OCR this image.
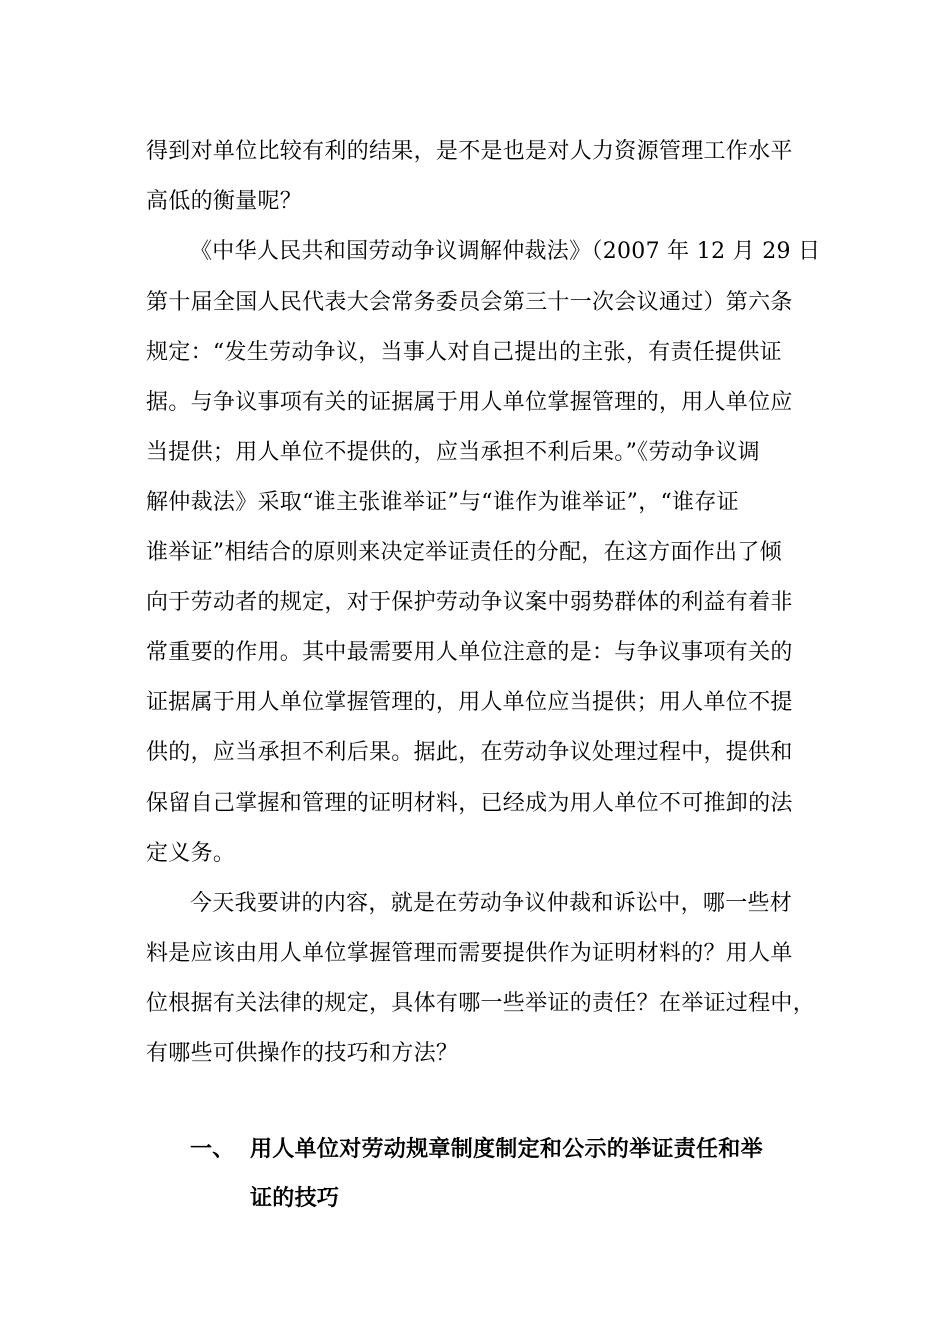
得到对单位比较有利的结果，是不是也是对人力资源管理工作水平
高低的衡量呢？
《中华人民共和国劳动争议调解仲裁法》（2007 年 12 月 29 日
第十届全国人民代表大会常务委员会第三十一次会议通过）第六条
规定：“发生劳动争议，当事人对自己提出的主张，有责任提供证
据。与争议事项有关的证据属于用人单位掌握管理的，用人单位应
当提供；用人单位不提供的，应当承担不利后果。”《劳动争议调
解仲裁法》采取“谁主张谁举证”与“谁作为谁举证”，“谁存证
谁举证”相结合的原则来决定举证责任的分配，在这方面作出了倾
向于劳动者的规定，对于保护劳动争议案中弱势群体的利益有着非
常重要的作用。其中最需要用人单位注意的是：与争议事项有关的
证据属于用人单位掌握管理的，用人单位应当提供；用人单位不提
供的，应当承担不利后果。据此，在劳动争议处理过程中，提供和
保留自己掌握和管理的证明材料，已经成为用人单位不可推卸的法
定义务。
今天我要讲的内容，就是在劳动争议仲裁和诉讼中，哪一些材
料是应该由用人单位掌握管理而需要提供作为证明材料的？用人单
位根据有关法律的规定，具体有哪一些举证的责任？在举证过程中，
有哪些可供操作的技巧和方法？
一、 用人单位对劳动规章制度制定和公示的举证责任和举
证的技巧
